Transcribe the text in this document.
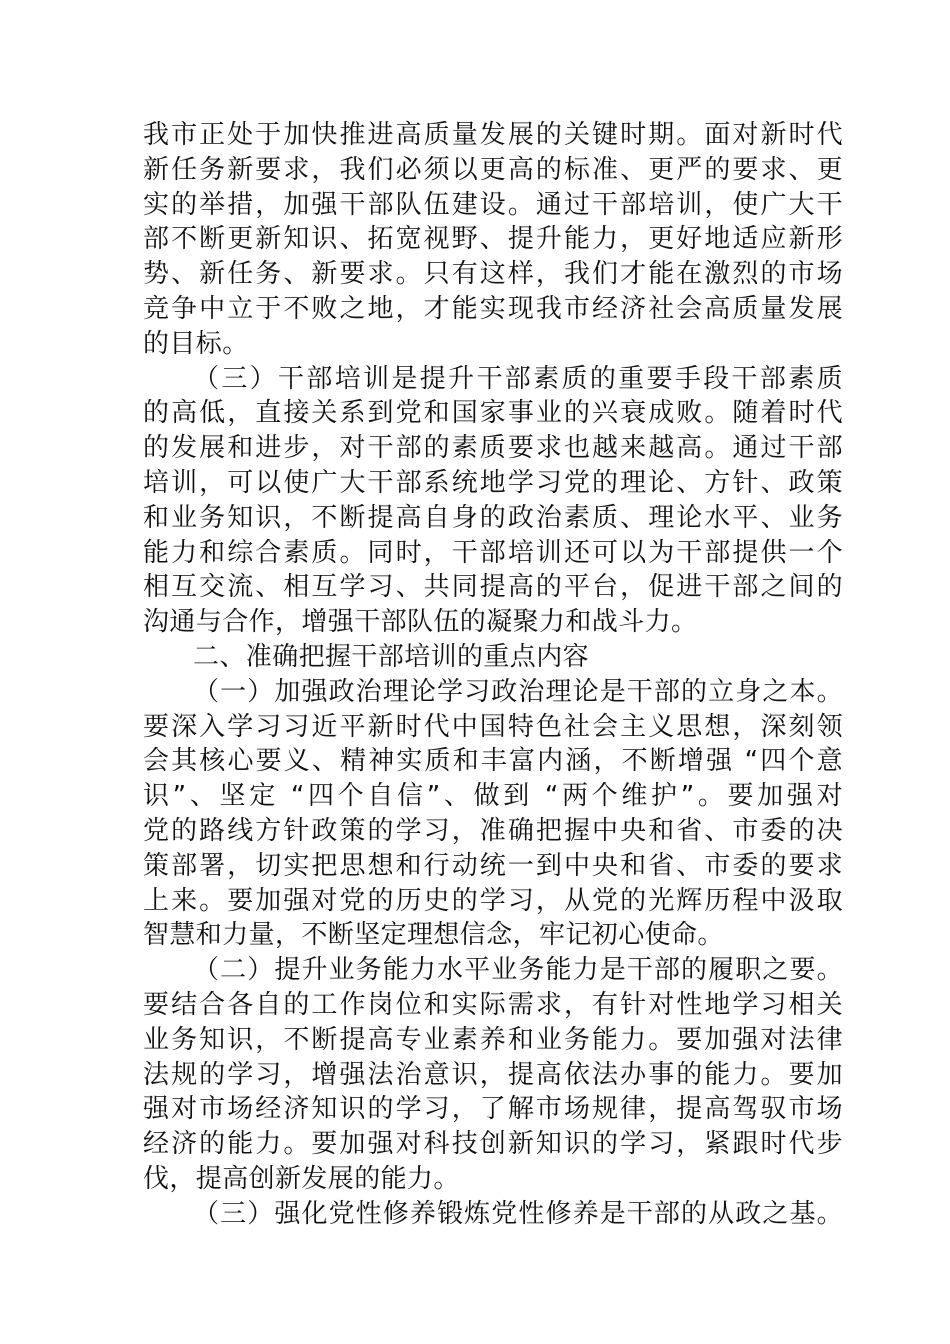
我市正处于加快推进高质量发展的关键时期。面对新时代
新任务新要求，我们必须以更高的标准、更严的要求、更
实的举措，加强干部队伍建设。通过干部培训，使广大干
部不断更新知识、拓宽视野、提升能力，更好地适应新形
势、新任务、新要求。只有这样，我们才能在激烈的市场
竞争中立于不败之地，才能实现我市经济社会高质量发展
的目标。
（三）干部培训是提升干部素质的重要手段干部素质
的高低，直接关系到党和国家事业的兴衰成败。随着时代
的发展和进步，对干部的素质要求也越来越高。通过干部
培训，可以使广大干部系统地学习党的理论、方针、政策
和业务知识，不断提高自身的政治素质、理论水平、业务
能力和综合素质。同时，干部培训还可以为干部提供一个
相互交流、相互学习、共同提高的平台，促进干部之间的
沟通与合作，增强干部队伍的凝聚力和战斗力。
二、准确把握干部培训的重点内容
（一）加强政治理论学习政治理论是干部的立身之本。
要深入学习习近平新时代中国特色社会主义思想，深刻领
会其核心要义、精神实质和丰富内涵，不断增强 “四个意
识”、坚定 “四个自信”、做到 “两个维护”。要加强对
党的路线方针政策的学习，准确把握中央和省、市委的决
策部署，切实把思想和行动统一到中央和省、市委的要求
上来。要加强对党的历史的学习，从党的光辉历程中汲取
智慧和力量，不断坚定理想信念，牢记初心使命。
（二）提升业务能力水平业务能力是干部的履职之要。
要结合各自的工作岗位和实际需求，有针对性地学习相关
业务知识，不断提高专业素养和业务能力。要加强对法律
法规的学习，增强法治意识，提高依法办事的能力。要加
强对市场经济知识的学习，了解市场规律，提高驾驭市场
经济的能力。要加强对科技创新知识的学习，紧跟时代步
伐，提高创新发展的能力。
（三）强化党性修养锻炼党性修养是干部的从政之基。
